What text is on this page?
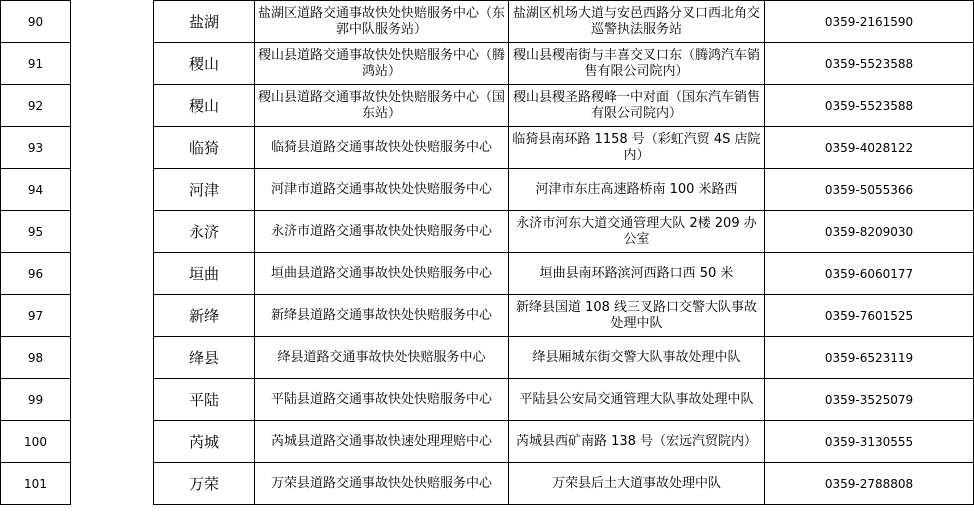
90		盐湖	盐湖区道路交通事故快处快赔服务中心（东郭中队服务站）	盐湖区机场大道与安邑西路分叉口西北角交巡警执法服务站	0359-2161590
91		稷山	稷山县道路交通事故快处快赔服务中心（腾鸿站）	稷山县稷南街与丰喜交叉口东（腾鸿汽车销售有限公司院内）	0359-5523588
92		稷山	稷山县道路交通事故快处快赔服务中心（国东站）	稷山县稷圣路稷峰一中对面（国东汽车销售有限公司院内）	0359-5523588
93		临猗	临猗县道路交通事故快处快赔服务中心	临猗县南环路 1158 号（彩虹汽贸 4S 店院内）	0359-4028122
94		河津	河津市道路交通事故快处快赔服务中心	河津市东庄高速路桥南 100 米路西	0359-5055366
95		永济	永济市道路交通事故快处快赔服务中心	永济市河东大道交通管理大队 2楼 209 办公室	0359-8209030
96		垣曲	垣曲县道路交通事故快处快赔服务中心	垣曲县南环路滨河西路口西 50 米	0359-6060177
97		新绛	新绛县道路交通事故快处快赔服务中心	新绛县国道 108 线三叉路口交警大队事故处理中队	0359-7601525
98		绛县	绛县道路交通事故快处快赔服务中心	绛县厢城东街交警大队事故处理中队	0359-6523119
99		平陆	平陆县道路交通事故快处快赔服务中心	平陆县公安局交通管理大队事故处理中队	0359-3525079
100		芮城	芮城县道路交通事故快速处理理赔中心	芮城县西矿南路 138 号（宏远汽贸院内）	0359-3130555
101		万荣	万荣县道路交通事故快处快赔服务中心	万荣县后土大道事故处理中队	0359-2788808
